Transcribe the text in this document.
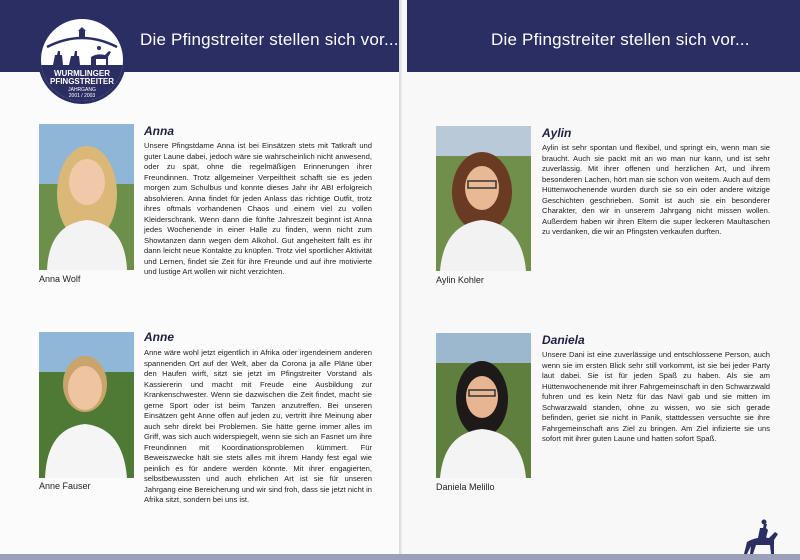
Die Pfingstreiter stellen sich vor...
WURMLINGER
PFINGSTREITER
JAHRGANG
2001 / 2003
Anna Wolf
Anna

Unsere Pfingstdame Anna ist bei Einsätzen stets mit Tatkraft und guter Laune dabei, jedoch wäre sie wahrscheinlich nicht anwesend, oder zu spät, ohne die regelmäßigen Erinnerungen ihrer Freundinnen. Trotz allgemeiner Verpeiltheit schafft sie es jeden morgen zum Schulbus und konnte dieses Jahr ihr ABI erfolgreich absolvieren. Anna findet für jeden Anlass das richtige Outfit, trotz ihres oftmals vorhandenen Chaos und einem viel zu vollen Kleiderschrank. Wenn dann die fünfte Jahreszeit beginnt ist Anna jedes Wochenende in einer Halle zu finden, wenn nicht zum Showtanzen dann wegen dem Alkohol. Gut angeheitert fällt es ihr dann leicht neue Kontakte zu knüpfen. Trotz viel sportlicher Aktivität und Lernen, findet sie Zeit für ihre Freunde und auf ihre motivierte und lustige Art wollen wir nicht verzichten.

Anne Fauser
Anne

Anne wäre wohl jetzt eigentlich in Afrika oder irgendeinem anderen spannenden Ort auf der Welt, aber da Corona ja alle Pläne über den Haufen wirft, sitzt sie jetzt im Pfingstreiter Vorstand als Kassiererin und macht mit Freude eine Ausbildung zur Krankenschwester. Wenn sie dazwischen die Zeit findet, macht sie gerne Sport oder ist beim Tanzen anzutreffen. Bei unseren Einsätzen geht Anne offen auf jeden zu, vertritt ihre Meinung aber auch sehr direkt bei Problemen. Sie hätte gerne immer alles im Griff, was sich auch widerspiegelt, wenn sie sich an Fasnet um ihre Freundinnen mit Koordinationsproblemen kümmert. Für Beweiszwecke hält sie stets alles mit ihrem Handy fest egal wie peinlich es für andere werden könnte. Mit ihrer engagierten, selbstbewussten und auch ehrlichen Art ist sie für unseren Jahrgang eine Bereicherung und wir sind froh, dass sie jetzt nicht in Afrika sitzt, sondern bei uns ist.

Aylin Kohler
Aylin

Aylin ist sehr spontan und flexibel, und springt ein, wenn man sie braucht. Auch sie packt mit an wo man nur kann, und ist sehr zuverlässig. Mit ihrer offenen und herzlichen Art, und ihrem besonderen Lachen, hört man sie schon von weitem. Auch auf dem Hüttenwochenende wurden durch sie so ein oder andere witzige Geschichten geschrieben. Somit ist auch sie ein besonderer Charakter, den wir in unserem Jahrgang nicht missen wollen. Außerdem haben wir ihren Eltern die super leckeren Maultaschen zu verdanken, die wir an Pfingsten verkaufen durften.

Daniela Melillo
Daniela

Unsere Dani ist eine zuverlässige und entschlossene Person, auch wenn sie im ersten Blick sehr still vorkommt, ist sie bei jeder Party laut dabei. Sie ist für jeden Spaß zu haben. Als sie am Hüttenwochenende mit ihrer Fahrgemeinschaft in den Schwarzwald fuhren und es kein Netz für das Navi gab und sie mitten im Schwarzwald standen, ohne zu wissen, wo sie sich gerade befinden, geriet sie nicht in Panik, stattdessen versuchte sie ihre Fahrgemeinschaft ans Ziel zu bringen. Am Ziel infizierte sie uns sofort mit ihrer guten Laune und hatten sofort Spaß.

Die Pfingstreiter stellen sich vor...
